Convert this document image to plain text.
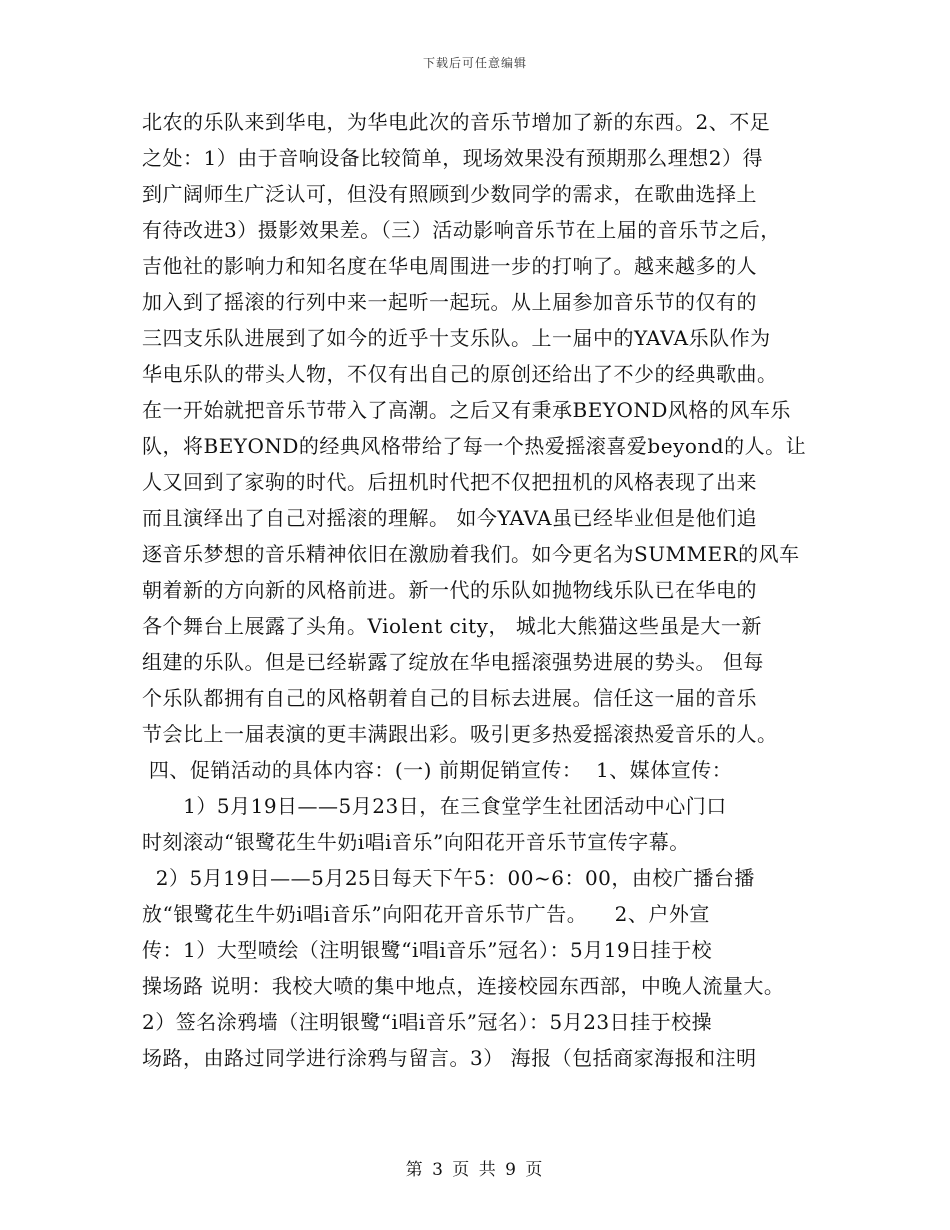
下载后可任意编辑
北农的乐队来到华电，为华电此次的音乐节增加了新的东西。2、不足
之处：1）由于音响设备比较简单，现场效果没有预期那么理想2）得
到广阔师生广泛认可，但没有照顾到少数同学的需求，在歌曲选择上
有待改进3）摄影效果差。（三）活动影响音乐节在上届的音乐节之后，
吉他社的影响力和知名度在华电周围进一步的打响了。越来越多的人
加入到了摇滚的行列中来一起听一起玩。从上届参加音乐节的仅有的
三四支乐队进展到了如今的近乎十支乐队。上一届中的YAVA乐队作为
华电乐队的带头人物，不仅有出自己的原创还给出了不少的经典歌曲。
在一开始就把音乐节带入了高潮。之后又有秉承BEYOND风格的风车乐
队，将BEYOND的经典风格带给了每一个热爱摇滚喜爱beyond的人。让
人又回到了家驹的时代。后扭机时代把不仅把扭机的风格表现了出来
而且演绎出了自己对摇滚的理解。 如今YAVA虽已经毕业但是他们追
逐音乐梦想的音乐精神依旧在激励着我们。如今更名为SUMMER的风车
朝着新的方向新的风格前进。新一代的乐队如抛物线乐队已在华电的
各个舞台上展露了头角。Violent city， 城北大熊猫这些虽是大一新
组建的乐队。但是已经崭露了绽放在华电摇滚强势进展的势头。 但每
个乐队都拥有自己的风格朝着自己的目标去进展。信任这一届的音乐
节会比上一届表演的更丰满跟出彩。吸引更多热爱摇滚热爱音乐的人。
四、促销活动的具体内容：(一) 前期促销宣传：  1、媒体宣传：
1）5月19日——5月23日，在三食堂学生社团活动中心门口
时刻滚动“银鹭花生牛奶i唱i音乐”向阳花开音乐节宣传字幕。
2）5月19日——5月25日每天下午5：00~6：00，由校广播台播
放“银鹭花生牛奶i唱i音乐”向阳花开音乐节广告。    2、户外宣
传：1）大型喷绘（注明银鹭“i唱i音乐”冠名）：5月19日挂于校
操场路 说明：我校大喷的集中地点，连接校园东西部，中晚人流量大。
2）签名涂鸦墙（注明银鹭“i唱i音乐”冠名）：5月23日挂于校操
场路，由路过同学进行涂鸦与留言。3） 海报（包括商家海报和注明
第 3 页 共 9 页
